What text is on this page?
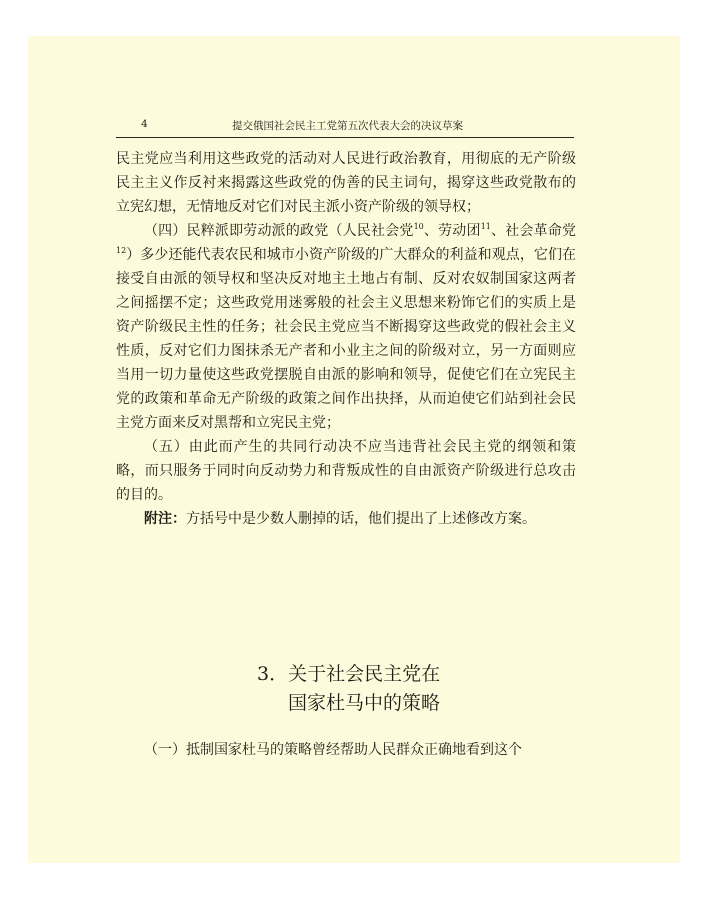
4	提交俄国社会民主工党第五次代表大会的决议草案

民主党应当利用这些政党的活动对人民进行政治教育，用彻底的无产阶级民主主义作反衬来揭露这些政党的伪善的民主词句，揭穿这些政党散布的立宪幻想，无情地反对它们对民主派小资产阶级的领导权；

（四）民粹派即劳动派的政党（人民社会党$^{10}$、劳动团$^{11}$、社会革命党$^{12}$）多少还能代表农民和城市小资产阶级的广大群众的利益和观点，它们在接受自由派的领导权和坚决反对地主土地占有制、反对农奴制国家这两者之间摇摆不定；这些政党用迷雾般的社会主义思想来粉饰它们的实质上是资产阶级民主性的任务；社会民主党应当不断揭穿这些政党的假社会主义性质，反对它们力图抹杀无产者和小业主之间的阶级对立，另一方面则应当用一切力量使这些政党摆脱自由派的影响和领导，促使它们在立宪民主党的政策和革命无产阶级的政策之间作出抉择，从而迫使它们站到社会民主党方面来反对黑帮和立宪民主党；

（五）由此而产生的共同行动决不应当违背社会民主党的纲领和策略，而只服务于同时向反动势力和背叛成性的自由派资产阶级进行总攻击的目的。

附注：方括号中是少数人删掉的话，他们提出了上述修改方案。

3．关于社会民主党在
国家杜马中的策略
（一）抵制国家杜马的策略曾经帮助人民群众正确地看到这个
